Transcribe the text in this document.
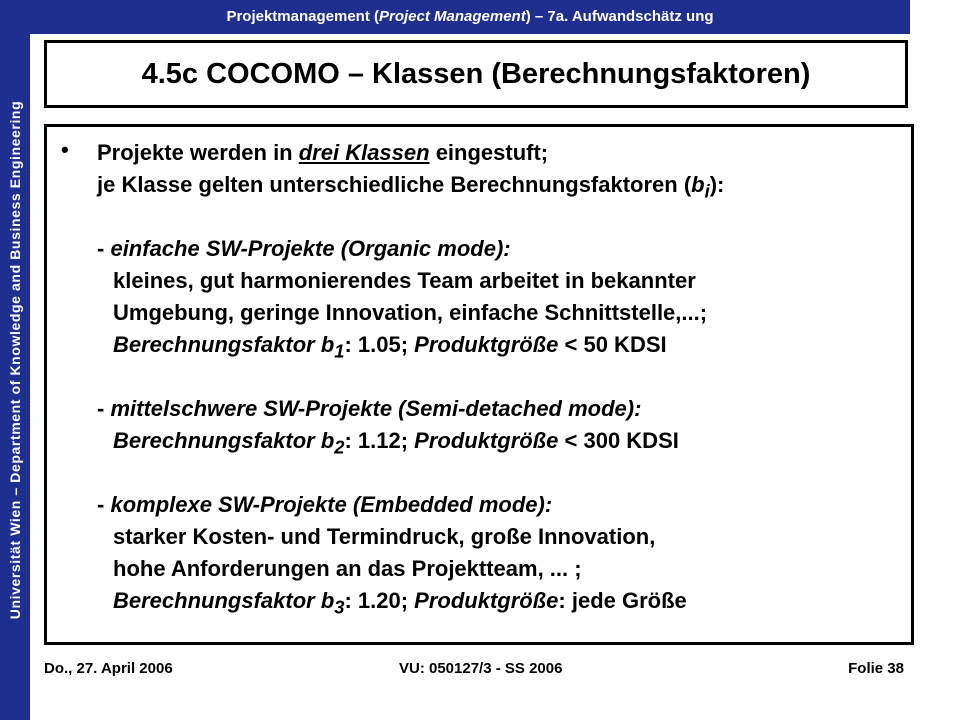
Universität Wien – Department of Knowledge and Business Engineering
Projektmanagement (Project Management) – 7a. Aufwandschätz ung
4.5c COCOMO – Klassen (Berechnungsfaktoren)
• Projekte werden in drei Klassen eingestuft;
je Klasse gelten unterschiedliche Berechnungsfaktoren $(b_i)$:
- einfache SW-Projekte (Organic mode):
kleines, gut harmonierendes Team arbeitet in bekannter
Umgebung, geringe Innovation, einfache Schnittstelle,...;
Berechnungsfaktor $b_1$: 1.05; Produktgröße < 50 KDSI
- mittelschwere SW-Projekte (Semi-detached mode):
Berechnungsfaktor $b_2$: 1.12; Produktgröße < 300 KDSI
- komplexe SW-Projekte (Embedded mode):
starker Kosten- und Termindruck, große Innovation,
hohe Anforderungen an das Projektteam, ... ;
Berechnungsfaktor $b_3$: 1.20; Produktgröße: jede Größe
Do., 27. April 2006	VU: 050127/3 - SS 2006	Folie 38
